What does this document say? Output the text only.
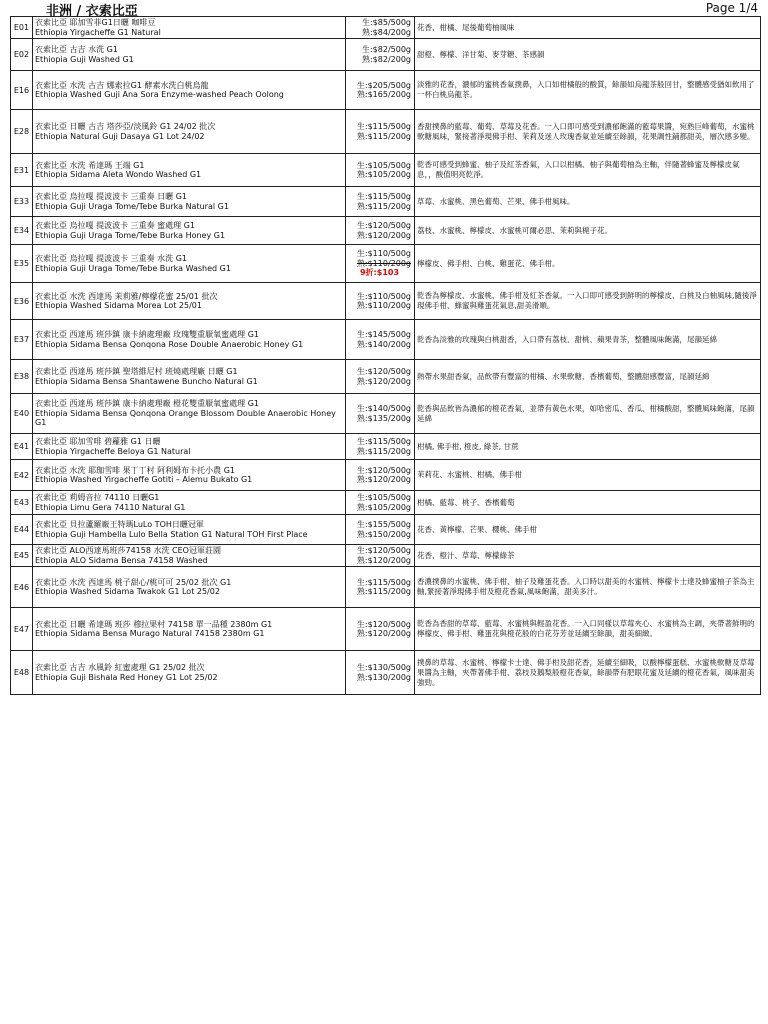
非洲 / 衣索比亞	Page 1/4
E01	衣索比亞 耶加雪菲G1日曬 咖啡豆
Ethiopia Yirgacheffe G1 Natural	生:$85/500g
熟:$84/200g	花香、柑橘、尾後葡萄柚風味
E02	衣索比亞 古吉 水洗 G1
Ethiopia Guji Washed G1	生:$82/500g
熟:$82/200g	甜橙、檸檬、洋甘菊、麥芽糖、茶感韻
E16	衣索比亞 水洗 古吉 娜索拉G1 酵素水洗白桃烏龍
Ethiopia Washed Guji Ana Sora Enzyme-washed Peach Oolong	生:$205/500g
熟:$165/200g	淡雅的花香，濃郁的蜜桃香氣撲鼻，入口如柑橘般的酸質，餘韻如烏龍茶般回甘，整體感受猶如飲用了一杯白桃烏龍茶。
E28	衣索比亞 日曬 古吉 塔莎亞/淡風鈴 G1 24/02 批次
Ethiopia Natural Guji Dasaya G1 Lot 24/02	生:$115/500g
熟:$115/200g	香甜撲鼻的藍莓、葡萄、草莓及花香。一入口即可感受到濃郁飽滿的藍莓果醬，宛熟巨峰葡萄，水蜜桃軟糖風味，緊接著淨現佛手柑、茉莉及迷人玫瑰香氣並延續至餘韻，花果調性鋪都甜美，層次感多變。
E31	衣索比亞 水洗 希達瑪 王端 G1
Ethiopia Sidama Aleta Wondo Washed G1	生:$105/500g
熟:$105/200g	乾香可感受到蜂蜜、柚子及紅茶香氣，入口以柑橘、柚子與葡萄柚為主軸，伴隨著蜂蜜及檸檬皮氣息，，酸值明亮乾淨。
E33	衣索比亞 烏拉嘎 提波波卡 三重奏 日曬 G1
Ethiopia Guji Uraga Tome/Tebe Burka Natural G1	生:$115/500g
熟:$115/200g	草莓、水蜜桃、黑色葡萄、芒果、佛手柑風味。
E34	衣索比亞 烏拉嘎 提波波卡 三重奏 蜜處理 G1
Ethiopia Guji Uraga Tome/Tebe Burka Honey G1	生:$120/500g
熟:$120/200g	荔枝、水蜜桃、檸檬皮、水蜜桃可爾必思、茉莉與梔子花。
E35	衣索比亞 烏拉嘎 提波波卡 三重奏 水洗 G1
Ethiopia Guji Uraga Tome/Tebe Burka Washed G1	生:$110/500g
熟:$110/200g
9折:$103	檸檬皮、佛手柑、白桃、雞蛋花、佛手柑。
E36	衣索比亞 水洗 西達馬 茉莉雅/檸檬花蜜 25/01 批次
Ethiopia Washed Sidama Morea Lot 25/01	生:$110/500g
熟:$110/200g	乾香為檸檬皮、水蜜桃、佛手柑及紅茶香氣。一入口即可感受到鮮明的檸檬皮、白桃及白柚風味,隨後淨現佛手柑、蜂蜜與雞蛋花氣息,甜美滑順。
E37	衣索比亞 西達馬 班莎鎮 康卡納處理廠 玫瑰雙重厭氧蜜處理 G1
Ethiopia Sidama Bensa Qonqona Rose Double Anaerobic Honey G1	生:$145/500g
熟:$140/200g	乾香為淡雅的玫瑰與白桃甜香，入口帶有荔枝、甜桃、蘋果青茶，整體風味飽滿，尾韻延綿
E38	衣索比亞 西達馬 班莎鎮 聖塔維尼村 班燒處理廠 日曬 G1
Ethiopia Sidama Bensa Shantawene Buncho Natural G1	生:$120/500g
熟:$120/200g	熱帶水果甜香氣，品飲帶有豐富的柑橘、水果軟糖、香檳葡萄，整體甜感豐富，尾韻延綿
E40	衣索比亞 西達馬 班莎鎮 康卡納處理廠 橙花雙重厭氧蜜處理 G1
Ethiopia Sidama Bensa Qonqona Orange Blossom Double Anaerobic Honey G1	生:$140/500g
熟:$135/200g	乾香與品飲皆為濃郁的橙花香氣，並帶有黃色水果，如哈密瓜、香瓜、柑橘酸甜，整體風味飽滿，尾韻延綿
E41	衣索比亞 耶加雪啡 碧蘿雅 G1 日曬
Ethiopia Yirgacheffe Beloya G1 Natural	生:$115/500g
熟:$115/200g	柑橘, 佛手柑, 橙皮, 綠茶, 甘蔗
E42	衣索比亞 水洗 耶珈雪啡 果丁丁村 阿利姆布卡托小農 G1
Ethiopia Washed Yirgacheffe Gotiti – Alemu Bukato G1	生:$120/500g
熟:$120/200g	茉莉花、水蜜桃、柑橘、佛手柑
E43	衣索比亞 莉姆音拉 74110 日曬G1
Ethiopia Limu Gera 74110 Natural G1	生:$105/500g
熟:$105/200g	柑橘、藍莓、桃子、香檳葡萄
E44	衣索比亞 貝拉蘆羅廠王特瑪LuLo TOH日曬冠軍
Ethiopia Guji Hambella Lulo Bella Station G1 Natural TOH First Place	生:$155/500g
熟:$150/200g	花香、黃檸檬、芒果、櫻桃、佛手柑
E45	衣索比亞 ALO西達馬班莎74158 水洗 CEO冠軍莊園
Ethiopia ALO Sidama Bensa 74158 Washed	生:$120/500g
熟:$120/200g	花香、橙汁、草莓、檸檬綠茶
E46	衣索比亞 水洗 西達馬 桃子甜心/桃可可 25/02 批次 G1
Ethiopia Washed Sidama Twakok G1 Lot 25/02	生:$115/500g
熟:$115/200g	香濃撲鼻的水蜜桃、佛手柑、柚子及雞蛋花香。入口時以甜美的水蜜桃、檸檬卡士達及蜂蜜柚子茶為主軸,緊接著淨現佛手柑及橙花香氣,風味飽滿，甜美多汁。
E47	衣索比亞 日曬 希達瑪 班莎 穆拉果村 74158 單一品種 2380m G1
Ethiopia Sidama Bensa Murago Natural 74158 2380m G1	生:$120/500g
熟:$120/200g	乾香為香甜的草莓、藍莓、水蜜桃與輕盈花香。一入口同樣以草莓夾心、水蜜桃為主調，夾帶著鮮明的檸檬皮、佛手柑、雞蛋花與橙花般的白花芬芳並延續至餘韻，甜美細緻。
E48	衣索比亞 古吉 水風鈴 紅蜜處理 G1 25/02 批次
Ethiopia Guji Bishala Red Honey G1 Lot 25/02	生:$130/500g
熟:$130/200g	撲鼻的草莓、水蜜桃、檸檬卡士達、佛手柑及甜花香，延續至細吸，以酸檸檬蛋糕、水蜜桃軟糖及草莓果醬為主軸，夾帶著佛手柑、荔枝及鵝梨般橙花香氣，餘韻帶有肥眼花蜜及延續的橙花香氣，風味甜美強勁。
